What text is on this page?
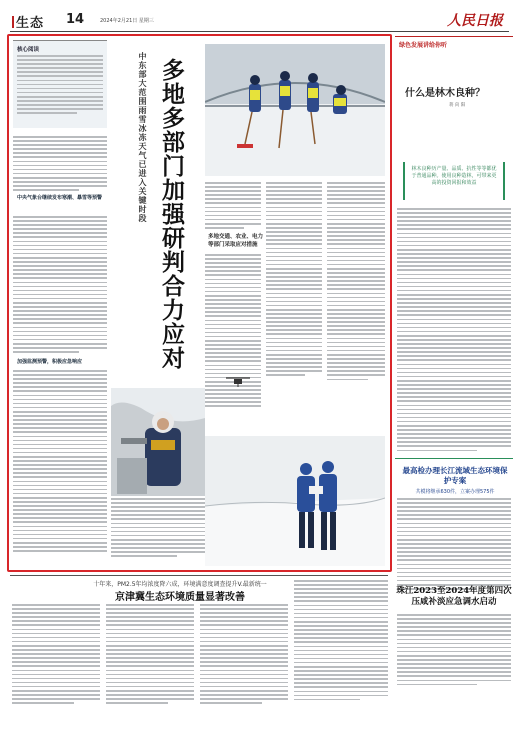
生态 14	2024年2月21日 星期三	人民日报
核心阅读
中央气象台继续发布寒潮、暴雪等预警
加强监测预警，积极应急响应
中东部大范围雨雪冰冻天气已进入关键时段 多地多部门加强研判合力应对	多地交通、农业、电力等部门采取应对措施
绿色发展讲给你听
什么是林木良种？
蒋 向 阳
林木良种历产量、品质、抗性等等都优于普通品种。使用良种造林，可带来更高的投资回报和效益
最高检办理长江流域生态环境保护专案
共模将继承630件，立案办理575件
十年来，PM2.5年均浓度降六成，环境满意度调查提升V.最新统一
京津冀生态环境质量显著改善
珠江2023至2024年度第四次压咸补淡应急调水启动
